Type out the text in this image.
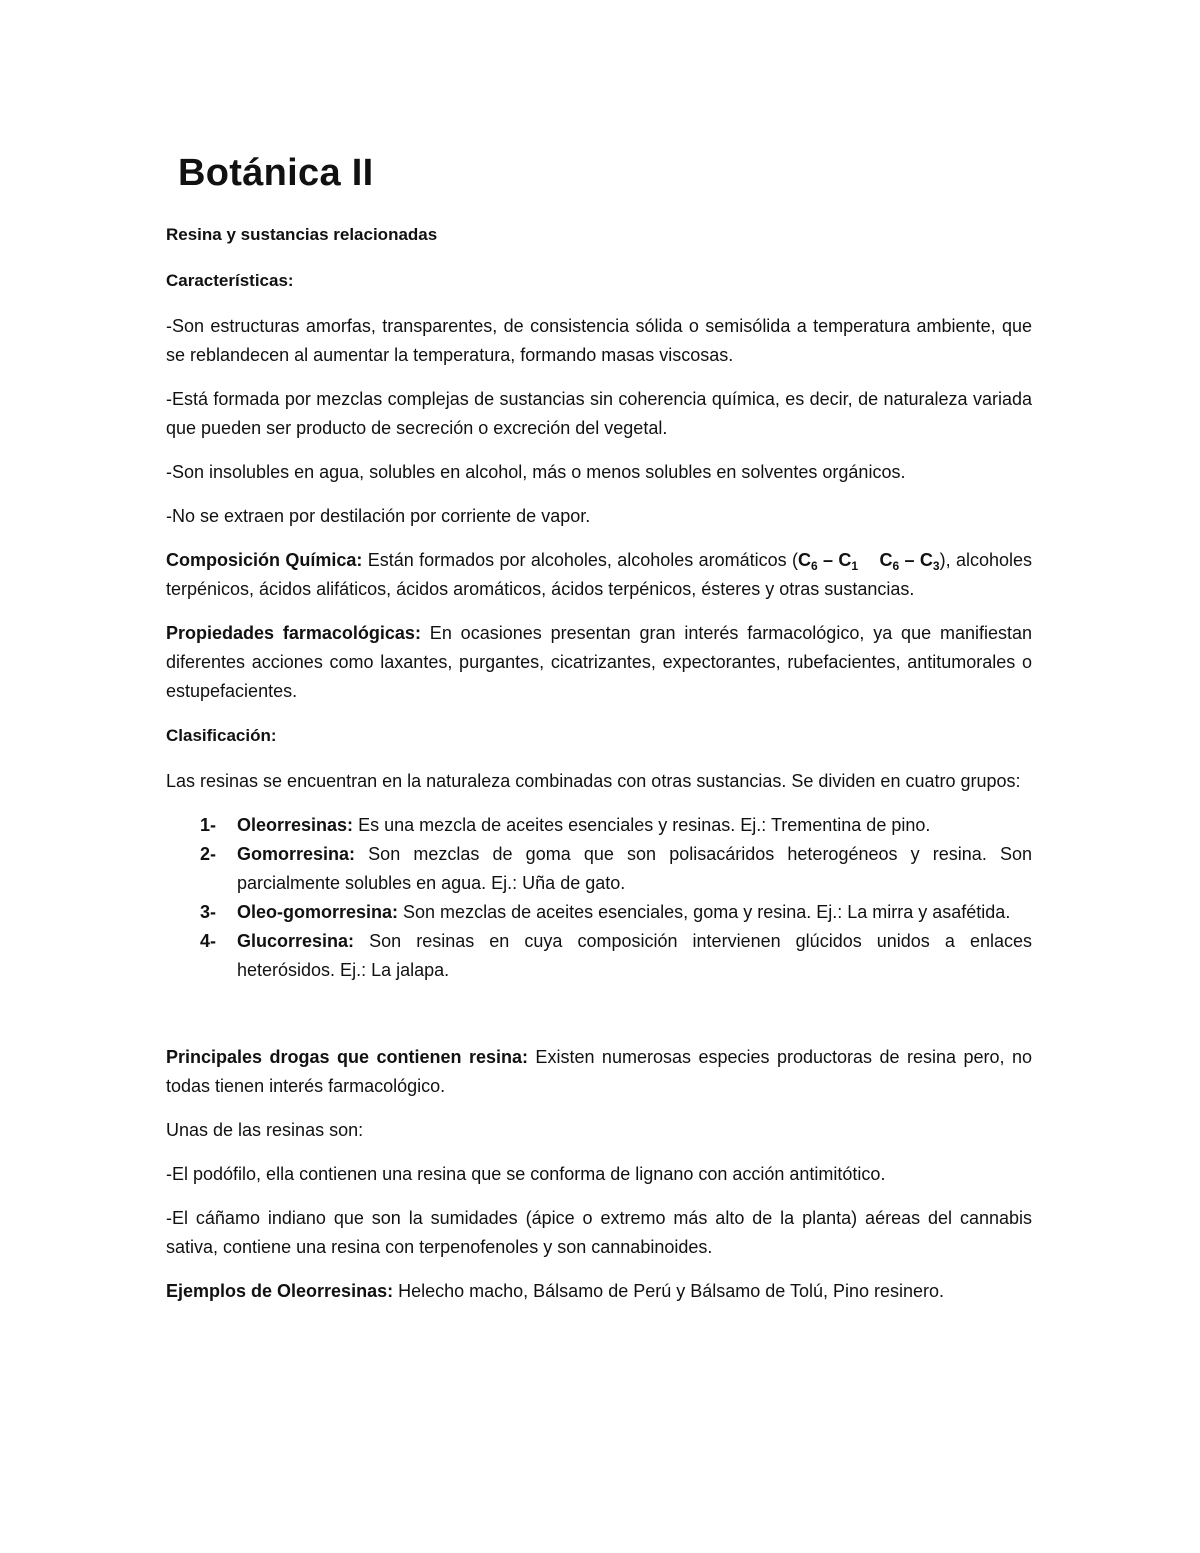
Botánica II

Resina y sustancias relacionadas

Características:

-Son estructuras amorfas, transparentes, de consistencia sólida o semisólida a temperatura ambiente, que se reblandecen al aumentar la temperatura, formando masas viscosas.

-Está formada por mezclas complejas de sustancias sin coherencia química, es decir, de naturaleza variada que pueden ser producto de secreción o excreción del vegetal.

-Son insolubles en agua, solubles en alcohol, más o menos solubles en solventes orgánicos.

-No se extraen por destilación por corriente de vapor.

Composición Química: Están formados por alcoholes, alcoholes aromáticos ($C_6 - C_1$ $C_6 - C_3$), alcoholes terpénicos, ácidos alifáticos, ácidos aromáticos, ácidos terpénicos, ésteres y otras sustancias.

Propiedades farmacológicas: En ocasiones presentan gran interés farmacológico, ya que manifiestan diferentes acciones como laxantes, purgantes, cicatrizantes, expectorantes, rubefacientes, antitumorales o estupefacientes.

Clasificación:

Las resinas se encuentran en la naturaleza combinadas con otras sustancias. Se dividen en cuatro grupos:

1- Oleorresinas: Es una mezcla de aceites esenciales y resinas. Ej.: Trementina de pino.
2- Gomorresina: Son mezclas de goma que son polisacáridos heterogéneos y resina. Son parcialmente solubles en agua. Ej.: Uña de gato.
3- Oleo-gomorresina: Son mezclas de aceites esenciales, goma y resina. Ej.: La mirra y asafétida.
4- Glucorresina: Son resinas en cuya composición intervienen glúcidos unidos a enlaces heterósidos. Ej.: La jalapa.

Principales drogas que contienen resina: Existen numerosas especies productoras de resina pero, no todas tienen interés farmacológico.

Unas de las resinas son:

-El podófilo, ella contienen una resina que se conforma de lignano con acción antimitótico.

-El cáñamo indiano que son la sumidades (ápice o extremo más alto de la planta) aéreas del cannabis sativa, contiene una resina con terpenofenoles y son cannabinoides.

Ejemplos de Oleorresinas: Helecho macho, Bálsamo de Perú y Bálsamo de Tolú, Pino resinero.
